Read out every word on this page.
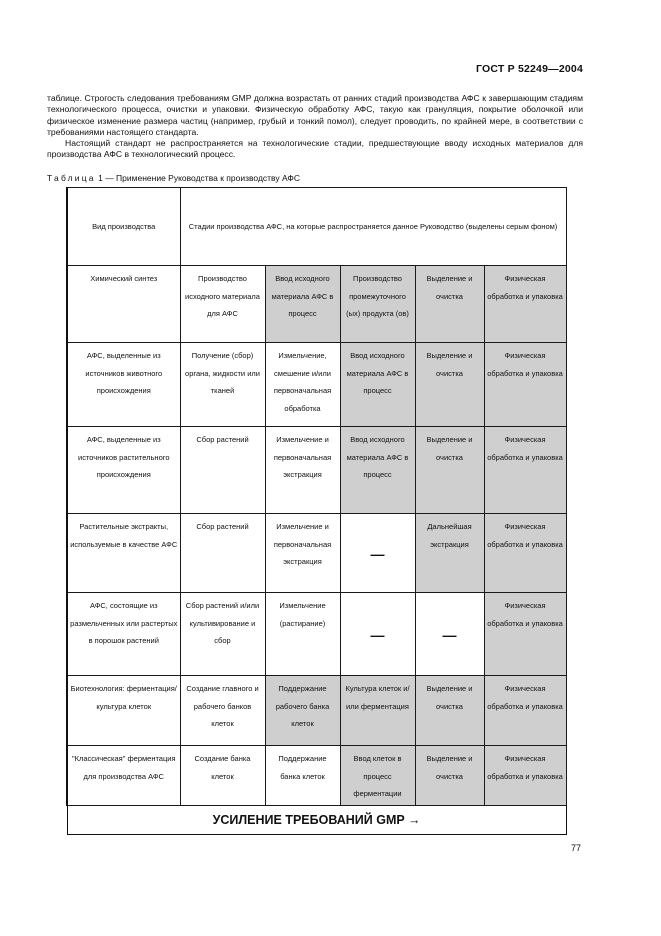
ГОСТ Р 52249—2004

таблице. Строгость следования требованиям GMP должна возрастать от ранних стадий производства АФС к завершающим стадиям технологического процесса, очистки и упаковки. Физическую обработку АФС, такую как грануляция, покрытие оболочкой или физическое изменение размера частиц (например, грубый и тонкий помол), следует проводить, по крайней мере, в соответствии с требованиями настоящего стандарта.

Настоящий стандарт не распространяется на технологические стадии, предшествующие вводу исходных материалов для производства АФС в технологический процесс.

Таблица 1 — Применение Руководства к производству АФС
Вид производства	Стадии производства АФС, на которые распространяется данное Руководство (выделены серым фоном)				
Химический синтез	Производство исходного материала для АФС	Ввод исходного материала АФС в процесс	Производство промежуточного (ых) продукта (ов)	Выделение и очистка	Физическая обработка и упаковка
АФС, выделенные из источников животного происхождения	Получение (сбор) органа, жидкости или тканей	Измельчение, смешение и/или первоначальная обработка	Ввод исходного материала АФС в процесс	Выделение и очистка	Физическая обработка и упаковка
АФС, выделенные из источников растительного происхождения	Сбор растений	Измельчение и первоначальная экстракция	Ввод исходного материала АФС в процесс	Выделение и очистка	Физическая обработка и упаковка
Растительные экстракты, используемые в качестве АФС	Сбор растений	Измельчение и первоначальная экстракция	—	Дальнейшая экстракция	Физическая обработка и упаковка
АФС, состоящие из размельченных или растертых в порошок растений	Сбор растений и/или культивирование и сбор	Измельчение (растирание)	—	—	Физическая обработка и упаковка
Биотехнология: ферментация/культура клеток	Создание главного и рабочего банков клеток	Поддержание рабочего банка клеток	Культура клеток и/или ферментация	Выделение и очистка	Физическая обработка и упаковка
"Классическая" ферментация для производства АФС	Создание банка клеток	Поддержание банка клеток	Ввод клеток в процесс ферментации	Выделение и очистка	Физическая обработка и упаковка
УСИЛЕНИЕ ТРЕБОВАНИЙ GMP →					
77
